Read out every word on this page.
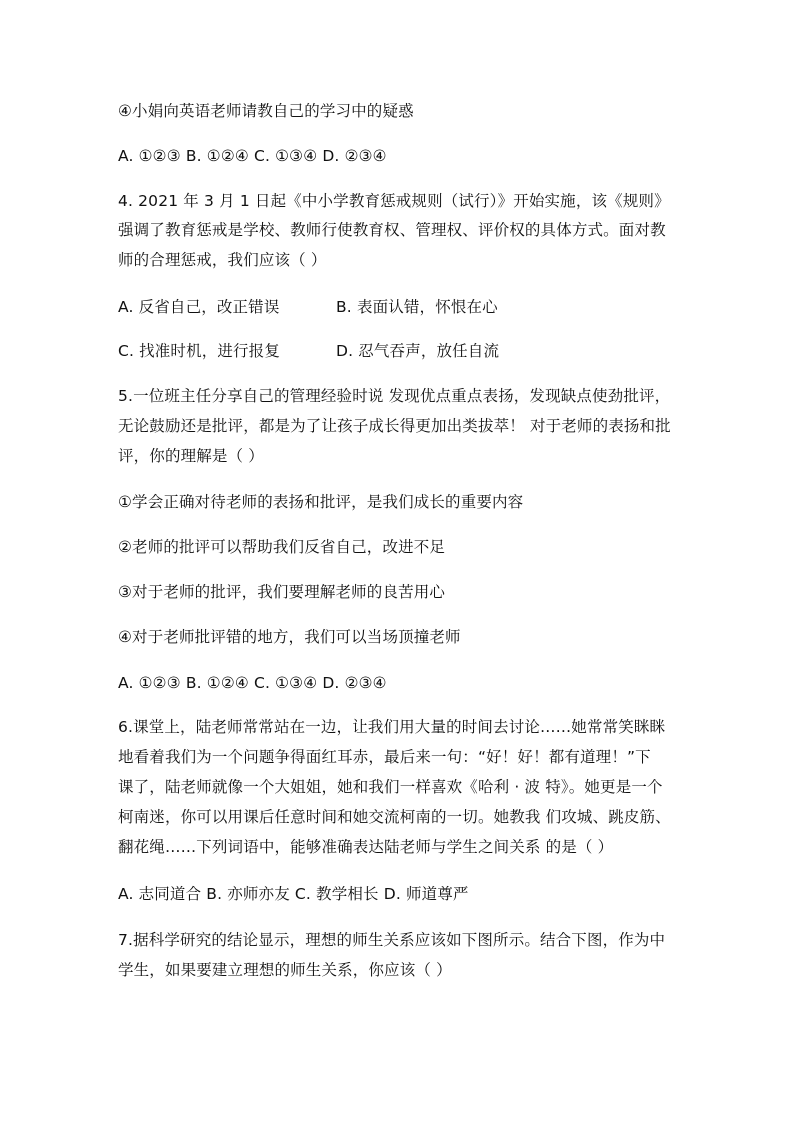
④小娟向英语老师请教自己的学习中的疑惑
A. ①②③ B. ①②④ C. ①③④ D. ②③④
4. 2021 年 3 月 1 日起《中小学教育惩戒规则（试行）》开始实施，该《规则》
强调了教育惩戒是学校、教师行使教育权、管理权、评价权的具体方式。面对教
师的合理惩戒，我们应该（ ）
A. 反省自己，改正错误	B. 表面认错，怀恨在心
C. 找准时机，进行报复	D. 忍气吞声，放任自流
5.一位班主任分享自己的管理经验时说 发现优点重点表扬，发现缺点使劲批评，
无论鼓励还是批评，都是为了让孩子成长得更加出类拔萃！ 对于老师的表扬和批
评，你的理解是（ ）
①学会正确对待老师的表扬和批评，是我们成长的重要内容
②老师的批评可以帮助我们反省自己，改进不足
③对于老师的批评，我们要理解老师的良苦用心
④对于老师批评错的地方，我们可以当场顶撞老师
A. ①②③ B. ①②④ C. ①③④ D. ②③④
6.课堂上，陆老师常常站在一边，让我们用大量的时间去讨论……她常常笑眯眯
地看着我们为一个问题争得面红耳赤，最后来一句：“好！好！都有道理！”下
课了，陆老师就像一个大姐姐，她和我们一样喜欢《哈利 · 波 特》。她更是一个
柯南迷，你可以用课后任意时间和她交流柯南的一切。她教我 们攻城、跳皮筋、
翻花绳……下列词语中，能够准确表达陆老师与学生之间关系 的是（ ）
A. 志同道合 B. 亦师亦友 C. 教学相长 D. 师道尊严
7.据科学研究的结论显示，理想的师生关系应该如下图所示。结合下图，作为中
学生，如果要建立理想的师生关系，你应该（ ）
